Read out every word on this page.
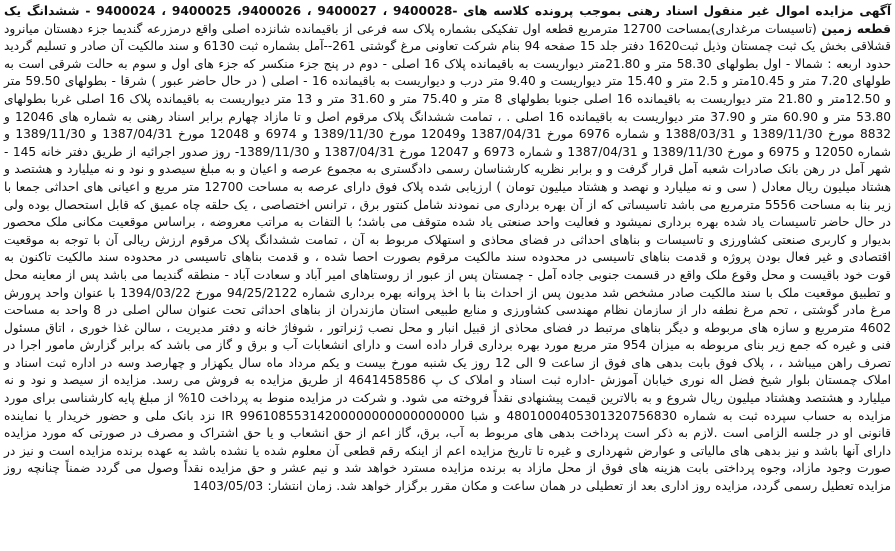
آگهی مزایده اموال غیر منقول اسناد رهنی بموجب پرونده کلاسه های -9400028 ، 9400027 ، 9400026، 9400025 ، 9400024 - ششدانگ یک قطعه زمین (تاسیسات مرغداری)بمساحت 12700 مترمربع قطعه اول تفکیکی بشماره پلاک سه فرعی از باقیمانده شانزده اصلی واقع درمزرعه گندیما جزء دهستان میانرود قشلاقی بخش یک ثبت چمستان وذیل ثبت1620 دفتر جلد 15 صفحه 94 بنام شرکت تعاونی مرغ گوشتی 261--آمل بشماره ثبت 6130 و سند مالکیت آن صادر و تسلیم گردید حدود اربعه : شمالا - اول بطولهای 58.30 متر و 21.80متر دیواریست به باقیمانده پلاک 16 اصلی - دوم در پنج جزء منکسر که جزء های اول و سوم به حالت شرقی است به طولهای 7.20 متر و 10.45متر و 2.5 متر و 15.40 متر دیواریست و 9.40 متر درب و دیواریست به باقیمانده 16 - اصلی ( در حال حاضر عبور ) شرقا - بطولهای 59.50 متر و 12.50متر و 21.80 متر دیواریست به باقیمانده 16 اصلی جنوبا بطولهای 8 متر و 75.40 متر و 31.60 متر و 13 متر دیواریست به باقیمانده پلاک 16 اصلی غربا بطولهای 53.80 متر و 60.90 متر و 37.90 متر دیواریست به باقیمانده 16 اصلی . ، تمامت ششدانگ پلاک مرقوم اصل و تا مازاد چهارم برابر اسناد رهنی به شماره های 12046 و 8832 مورخ 1389/11/30 و 1388/03/31 و شماره 6976 مورخ 1387/04/31 و12049 مورخ 1389/11/30 و 6974 و 12048 مورخ 1387/04/31 و 1389/11/30 و شماره 12050 و 6975 و مورخ 1389/11/30 و 1387/04/31 و شماره 6973 و 12047 مورخ 1387/04/31 و 1389/11/30- روز صدور اجرائیه از طریق دفتر خانه 145 - شهر آمل در رهن بانک صادرات شعبه آمل قرار گرفت و و برابر نظریه کارشناسان رسمی دادگستری به مجموع عرصه و اعیان و به مبلغ سیصدو و نود و نه میلیارد و هشتصد و هشتاد میلیون ریال معادل ( سی و نه میلیارد و نهصد و هشتاد میلیون تومان ) ارزیابی شده پلاک فوق دارای عرصه به مساحت 12700 متر مربع و اعیانی های احداثی جمعا با زیر بنا به مساحت 5556 مترمربع می باشد تاسیساتی که از آن بهره برداری می نمودند شامل کنتور برق ، ترانس اختصاصی ، یک حلقه چاه عمیق که قابل استحصال بوده ولی در حال حاضر تاسیسات یاد شده بهره برداری نمیشود و فعالیت واحد صنعتی یاد شده متوقف می باشد؛ با التفات به مراتب معروضه ، براساس موقعیت مکانی ملک محصور بدیوار و کاربری صنعتی کشاورزی و تاسیسات و بناهای احداثی در فضای محاذی و استهلاک مربوط به آن ، تمامت ششدانگ پلاک مرقوم ارزش ریالی آن با توجه به موقعیت اقتصادی و غیر فعال بودن پروژه و قدمت بناهای تاسیسی در محدوده سند مالکیت مرقوم بصورت احصا شده ، و قدمت بناهای تاسیسی در محدوده سند مالکیت تاکنون به قوت خود باقیست و محل وقوع ملک واقع در قسمت جنوبی جاده آمل - چمستان پس از عبور از روستاهای امیر آباد و سعادت آباد - منطقه گندیما می باشد پس از معاینه محل و تطبیق موقعیت ملک با سند مالکیت صادر مشخص شد مدیون پس از احداث بنا با اخذ پروانه بهره برداری شماره 94/25/2122 مورخ 1394/03/22 با عنوان واحد پرورش مرغ مادر گوشتی ، تحم مرغ نطفه دار از سازمان نظام مهندسی کشاورزی و منابع طبیعی استان مازندران از بناهای احداثی تحت عنوان سالن اصلی در 8 واحد به مساحت 4602 مترمربع و سازه های مربوطه و دیگر بناهای مرتبط در فضای محاذی از قبیل انبار و محل نصب ژنراتور ، شوفاژ خانه و دفتر مدیریت ، سالن غذا خوری ، اتاق مسئول فنی و غیره که جمع زیر بنای مربوطه به میزان 954 متر مربع مورد بهره برداری قرار داده است و دارای انشعابات آب و برق و گاز می باشد که برابر گزارش مامور اجرا در تصرف راهن میباشد ، ، پلاک فوق بابت بدهی های فوق از ساعت 9 الی 12 روز یک شنبه مورخ بیست و یکم مرداد ماه سال یکهزار و چهارصد وسه در اداره ثبت اسناد و املاک چمستان بلوار شیخ فضل اله نوری خیابان آموزش -اداره ثبت اسناد و املاک ک پ 4641458586 از طریق مزایده به فروش می رسد. مزایده از سیصد و نود و نه میلیارد و هشتصد وهشتاد میلیون ریال شروع و به بالاترین قیمت پیشنهادی نقداً فروخته می شود. و شرکت در مزایده منوط به پرداخت 10% از مبلغ پایه کارشناسی برای مورد مزایده به حساب سپرده ثبت به شماره 4801000405301320756830 و شبا IR 99610855314200000000000000000 نزد بانک ملی و حضور خریدار یا نماینده قانونی او در جلسه الزامی است .لازم به ذکر است پرداخت بدهی های مربوط به آب، برق، گاز اعم از حق انشعاب و یا حق اشتراک و مصرف در صورتی که مورد مزایده دارای آنها باشد و نیز بدهی های مالیاتی و عوارض شهرداری و غیره تا تاریخ مزایده اعم از اینکه رقم قطعی آن معلوم شده یا نشده باشد به عهده برنده مزایده است و نیز در صورت وجود مازاد، وجوه پرداختی بابت هزینه های فوق از محل مازاد به برنده مزایده مسترد خواهد شد و نیم عشر و حق مزایده نقداً وصول می گردد ضمناً چنانچه روز مزایده تعطیل رسمی گردد، مزایده روز اداری بعد از تعطیلی در همان ساعت و مکان مقرر برگزار خواهد شد. زمان انتشار: 1403/05/03
